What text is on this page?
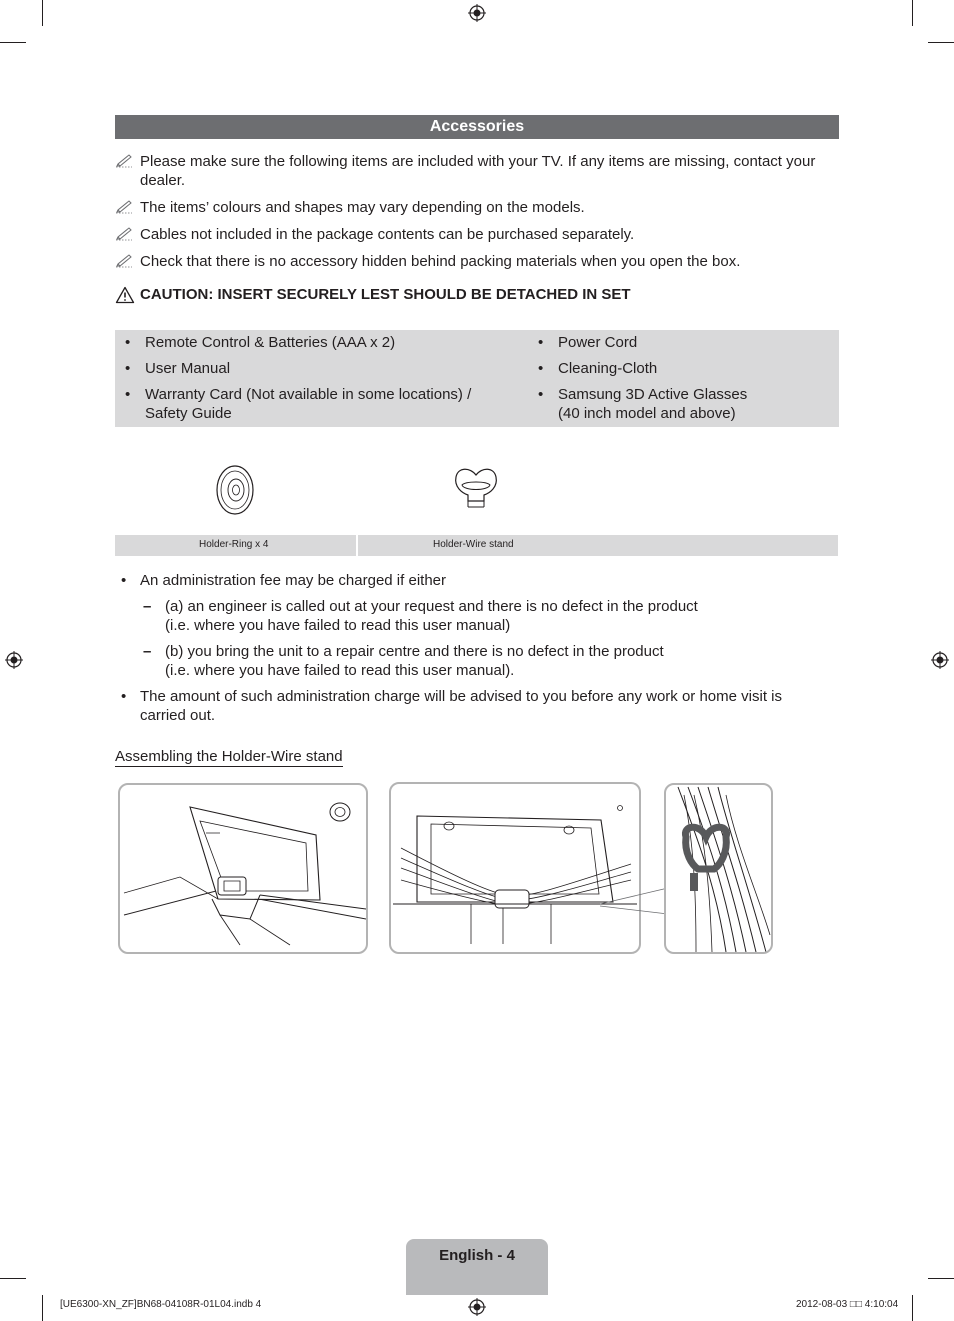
Accessories
Please make sure the following items are included with your TV. If any items are missing, contact your dealer.
The items’ colours and shapes may vary depending on the models.
Cables not included in the package contents can be purchased separately.
Check that there is no accessory hidden behind packing materials when you open the box.
CAUTION: INSERT SECURELY LEST SHOULD BE DETACHED IN SET
• Remote Control & Batteries (AAA x 2)
• User Manual
• Warranty Card (Not available in some locations) / Safety Guide
• Power Cord
• Cleaning-Cloth
• Samsung 3D Active Glasses (40 inch model and above)
Holder-Ring x 4	Holder-Wire stand
• An administration fee may be charged if either
– (a) an engineer is called out at your request and there is no defect in the product
(i.e. where you have failed to read this user manual)
– (b) you bring the unit to a repair centre and there is no defect in the product
(i.e. where you have failed to read this user manual).
• The amount of such administration charge will be advised to you before any work or home visit is carried out.
Assembling the Holder-Wire stand
English - 4
[UE6300-XN_ZF]BN68-04108R-01L04.indb 4	2012-08-03 □□ 4:10:04
